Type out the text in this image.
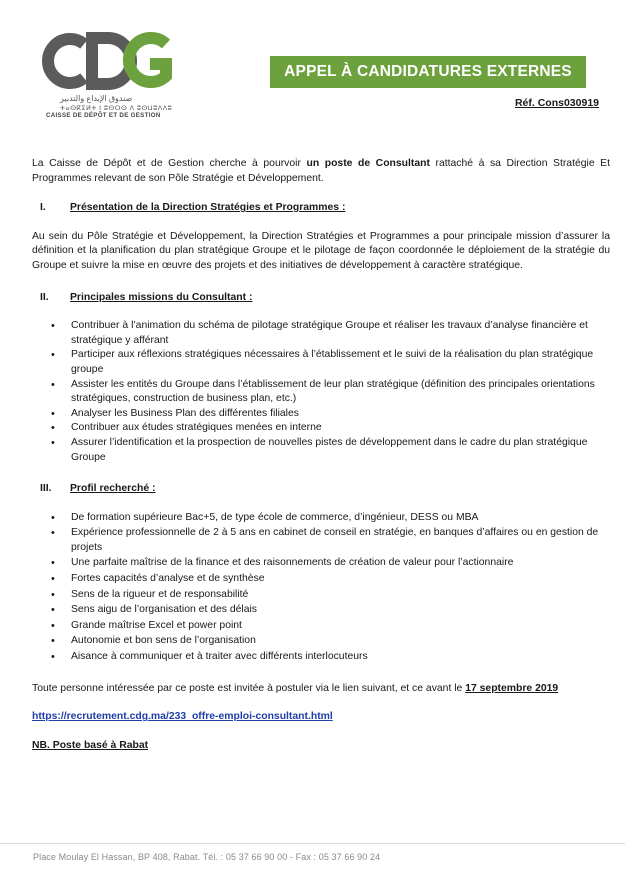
صندوق الإيداع والتدبير
ⵜⴰⵙⴽⵉⵍⵜ ⵏ ⵓⵙⵔⵙ ⴷ ⵓⵙⵡⵓⴷⴷⵓ
CAISSE DE DÉPÔT ET DE GESTION
APPEL À CANDIDATURES EXTERNES
Réf. Cons030919

La Caisse de Dépôt et de Gestion cherche à pourvoir un poste de Consultant rattaché à sa Direction Stratégie Et Programmes relevant de son Pôle Stratégie et Développement.

I.	Présentation de la Direction Stratégies et Programmes :

Au sein du Pôle Stratégie et Développement, la Direction Stratégies et Programmes a pour principale mission d’assurer la définition et la planification du plan stratégique Groupe et le pilotage de façon coordonnée le déploiement de la stratégie du Groupe et suivre la mise en œuvre des projets et des initiatives de développement à caractère stratégique.

II.	Principales missions du Consultant :
• Contribuer à l’animation du schéma de pilotage stratégique Groupe et réaliser les travaux d’analyse financière et stratégique y afférant
• Participer aux réflexions stratégiques nécessaires à l’établissement et le suivi de la réalisation du plan stratégique groupe
• Assister les entités du Groupe dans l’établissement de leur plan stratégique (définition des principales orientations stratégiques, construction de business plan, etc.)
• Analyser les Business Plan des différentes filiales
• Contribuer aux études stratégiques menées en interne
• Assurer l’identification et la prospection de nouvelles pistes de développement dans le cadre du plan stratégique Groupe
III.	Profil recherché :
• De formation supérieure Bac+5, de type école de commerce, d’ingénieur, DESS ou MBA
• Expérience professionnelle de 2 à 5 ans en cabinet de conseil en stratégie, en banques d’affaires ou en gestion de projets
• Une parfaite maîtrise de la finance et des raisonnements de création de valeur pour l’actionnaire
• Fortes capacités d’analyse et de synthèse
• Sens de la rigueur et de responsabilité
• Sens aigu de l’organisation et des délais
• Grande maîtrise Excel et power point
• Autonomie et bon sens de l’organisation
• Aisance à communiquer et à traiter avec différents interlocuteurs

Toute personne intéressée par ce poste est invitée à postuler via le lien suivant, et ce avant le 17 septembre 2019

https://recrutement.cdg.ma/233_offre-emploi-consultant.html

NB. Poste basé à Rabat

Place Moulay El Hassan, BP 408, Rabat. Tél. : 05 37 66 90 00 - Fax : 05 37 66 90 24
